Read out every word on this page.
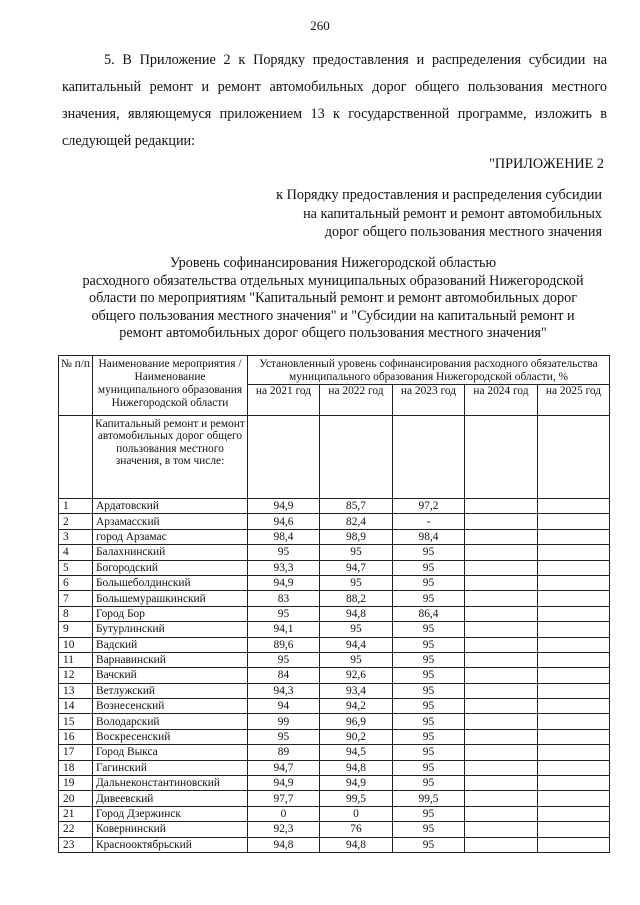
260

5. В Приложение 2 к Порядку предоставления и распределения субсидии на капитальный ремонт и ремонт автомобильных дорог общего пользования местного значения, являющемуся приложением 13 к государственной программе, изложить в следующей редакции:

"ПРИЛОЖЕНИЕ 2
к Порядку предоставления и распределения субсидии
на капитальный ремонт и ремонт автомобильных
дорог общего пользования местного значения
Уровень софинансирования Нижегородской областью
расходного обязательства отдельных муниципальных образований Нижегородской
области по мероприятиям "Капитальный ремонт и ремонт автомобильных дорог
общего пользования местного значения" и "Субсидии на капитальный ремонт и
ремонт автомобильных дорог общего пользования местного значения"
№ п/п	Наименование мероприятия / Наименование муниципального образования Нижегородской области	Установленный уровень софинансирования расходного обязательства муниципального образования Нижегородской области, %				
		на 2021 год	на 2022 год	на 2023 год	на 2024 год	на 2025 год
	Капитальный ремонт и ремонт автомобильных дорог общего пользования местного значения, в том числе:					
1	Ардатовский	94,9	85,7	97,2		
2	Арзамасский	94,6	82,4	-		
3	город Арзамас	98,4	98,9	98,4		
4	Балахнинский	95	95	95		
5	Богородский	93,3	94,7	95		
6	Большеболдинский	94,9	95	95		
7	Большемурашкинский	83	88,2	95		
8	Город Бор	95	94,8	86,4		
9	Бутурлинский	94,1	95	95		
10	Вадский	89,6	94,4	95		
11	Варнавинский	95	95	95		
12	Вачский	84	92,6	95		
13	Ветлужский	94,3	93,4	95		
14	Вознесенский	94	94,2	95		
15	Володарский	99	96,9	95		
16	Воскресенский	95	90,2	95		
17	Город Выкса	89	94,5	95		
18	Гагинский	94,7	94,8	95		
19	Дальнеконстантиновский	94,9	94,9	95		
20	Дивеевский	97,7	99,5	99,5		
21	Город Дзержинск	0	0	95		
22	Ковернинский	92,3	76	95		
23	Краснооктябрьский	94,8	94,8	95		
